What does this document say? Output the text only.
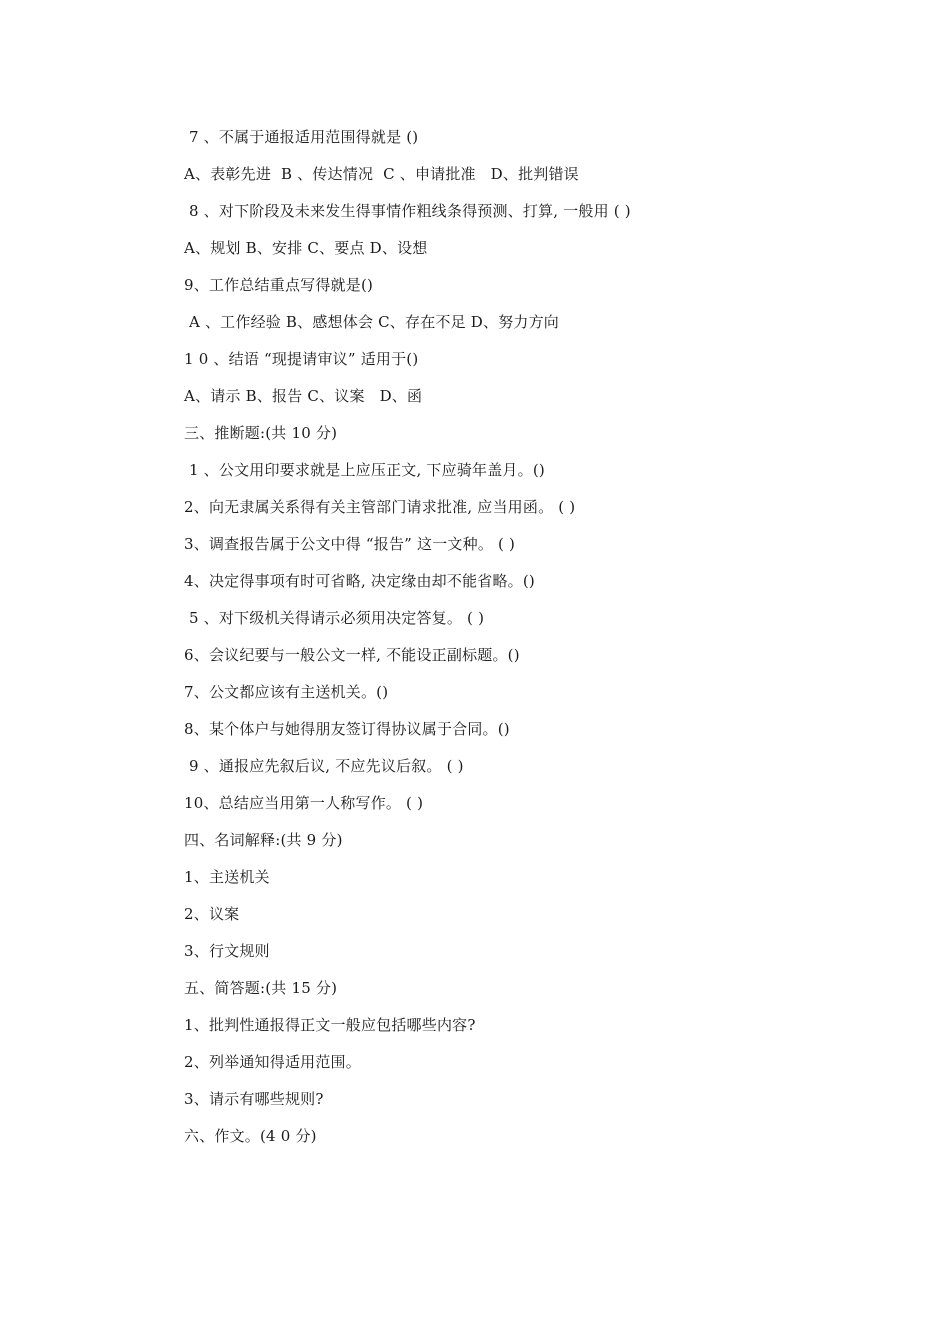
7 、不属于通报适用范围得就是 ()
A、表彰先进  B 、传达情况  C 、申请批准   D、批判错误
8 、对下阶段及未来发生得事情作粗线条得预测、打算, 一般用 ( )
A、规划 B、安排 C、要点 D、设想
9、工作总结重点写得就是()
A 、工作经验 B、感想体会 C、存在不足 D、努力方向
1 0 、结语 “现提请审议” 适用于()
A、请示 B、报告 C、议案   D、函
三、推断题:(共 10 分)
1 、公文用印要求就是上应压正文, 下应骑年盖月。()
2、向无隶属关系得有关主管部门请求批准, 应当用函。 ( )
3、调查报告属于公文中得 “报告” 这一文种。 ( )
4、决定得事项有时可省略, 决定缘由却不能省略。()
5 、对下级机关得请示必须用决定答复。 ( )
6、会议纪要与一般公文一样, 不能设正副标题。()
7、公文都应该有主送机关。()
8、某个体户与她得朋友签订得协议属于合同。()
9 、通报应先叙后议, 不应先议后叙。 ( )
10、总结应当用第一人称写作。 ( )
四、名词解释:(共 9 分)
1、主送机关
2、议案
3、行文规则
五、简答题:(共 15 分)
1、批判性通报得正文一般应包括哪些内容?
2、列举通知得适用范围。
3、请示有哪些规则?
六、作文。(4 0 分)
